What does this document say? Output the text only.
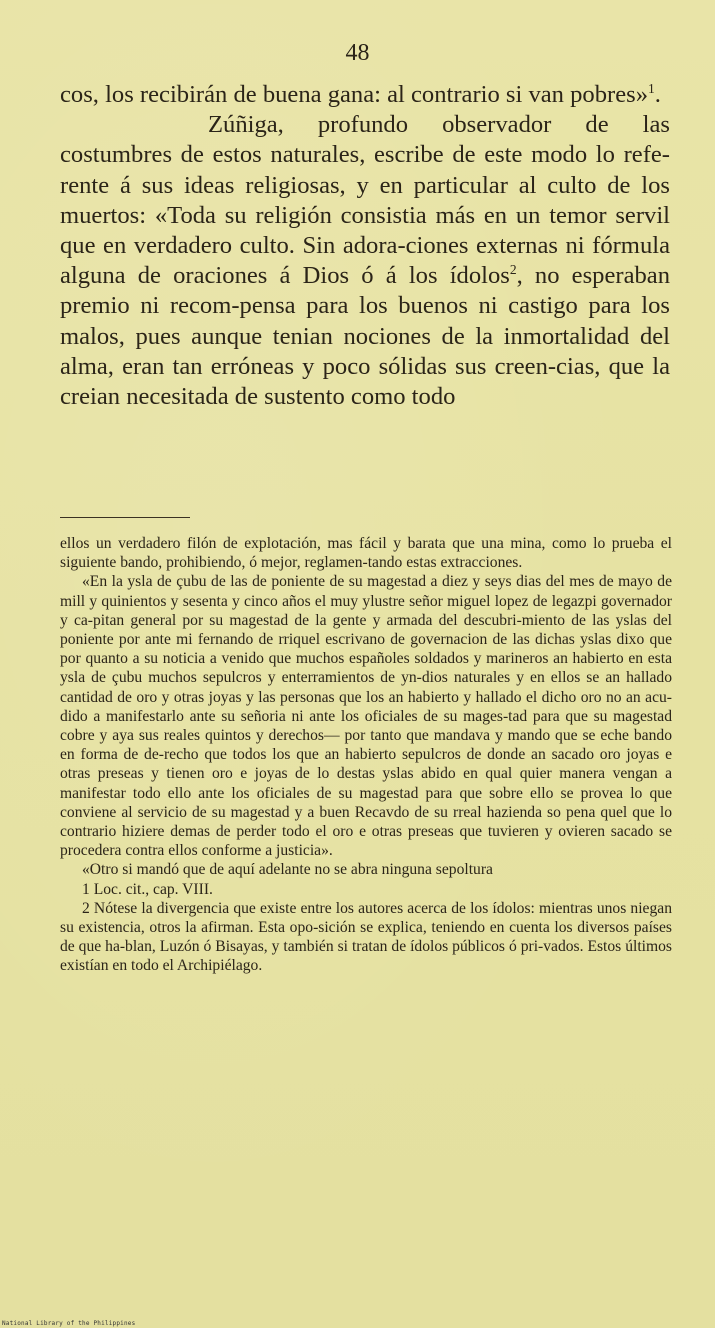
48

cos, los recibirán de buena gana: al contrario si van pobres»$^1$.

Zúñiga, profundo observador de las costumbres de estos naturales, escribe de este modo lo refe-rente á sus ideas religiosas, y en particular al culto de los muertos: «Toda su religión consistia más en un temor servil que en verdadero culto. Sin adora-ciones externas ni fórmula alguna de oraciones á Dios ó á los ídolos$^2$, no esperaban premio ni recom-pensa para los buenos ni castigo para los malos, pues aunque tenian nociones de la inmortalidad del alma, eran tan erróneas y poco sólidas sus creen-cias, que la creian necesitada de sustento como todo

ellos un verdadero filón de explotación, mas fácil y barata que una mina, como lo prueba el siguiente bando, prohibiendo, ó mejor, reglamen-tando estas extracciones.

«En la ysla de çubu de las de poniente de su magestad a diez y seys dias del mes de mayo de mill y quinientos y sesenta y cinco años el muy ylustre señor miguel lopez de legazpi governador y ca-pitan general por su magestad de la gente y armada del descubri-miento de las yslas del poniente por ante mi fernando de rriquel escrivano de governacion de las dichas yslas dixo que por quanto a su noticia a venido que muchos españoles soldados y marineros an habierto en esta ysla de çubu muchos sepulcros y enterramientos de yn-dios naturales y en ellos se an hallado cantidad de oro y otras joyas y las personas que los an habierto y hallado el dicho oro no an acu-dido a manifestarlo ante su señoria ni ante los oficiales de su mages-tad para que su magestad cobre y aya sus reales quintos y derechos— por tanto que mandava y mando que se eche bando en forma de de-recho que todos los que an habierto sepulcros de donde an sacado oro joyas e otras preseas y tienen oro e joyas de lo destas yslas abido en qual quier manera vengan a manifestar todo ello ante los oficiales de su magestad para que sobre ello se provea lo que conviene al servicio de su magestad y a buen Recavdo de su rreal hazienda so pena quel que lo contrario hiziere demas de perder todo el oro e otras preseas que tuvieren y ovieren sacado se procedera contra ellos conforme a justicia».

«Otro si mandó que de aquí adelante no se abra ninguna sepoltura

1 Loc. cit., cap. VIII.

2 Nótese la divergencia que existe entre los autores acerca de los ídolos: mientras unos niegan su existencia, otros la afirman. Esta opo-sición se explica, teniendo en cuenta los diversos países de que ha-blan, Luzón ó Bisayas, y también si tratan de ídolos públicos ó pri-vados. Estos últimos existían en todo el Archipiélago.

National Library of the Philippines
